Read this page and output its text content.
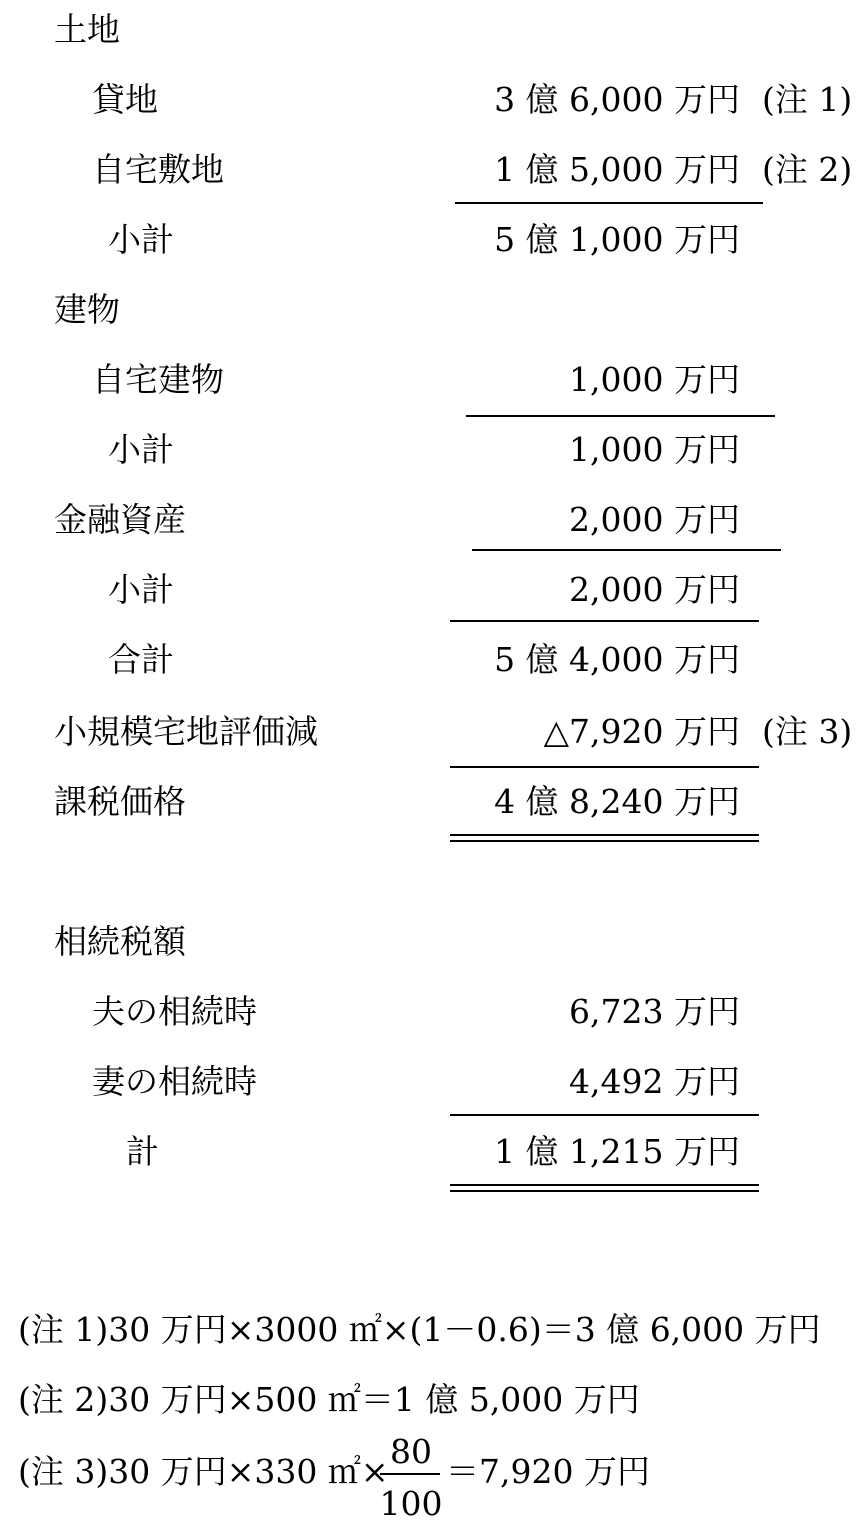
土地
貸地	3 億 6,000 万円 (注 1)
自宅敷地	1 億 5,000 万円 (注 2)
小計	5 億 1,000 万円
建物
自宅建物	1,000 万円
小計	1,000 万円
金融資産	2,000 万円
小計	2,000 万円
合計	5 億 4,000 万円
小規模宅地評価減	△7,920 万円 (注 3)
課税価格	4 億 8,240 万円
相続税額
夫の相続時	6,723 万円
妻の相続時	4,492 万円
計	1 億 1,215 万円
(注 1)30 万円×3000 ㎡×(1－0.6)＝3 億 6,000 万円
(注 2)30 万円×500 ㎡＝1 億 5,000 万円
(注 3)30 万円×330 ㎡×
80
100
＝7,920 万円
